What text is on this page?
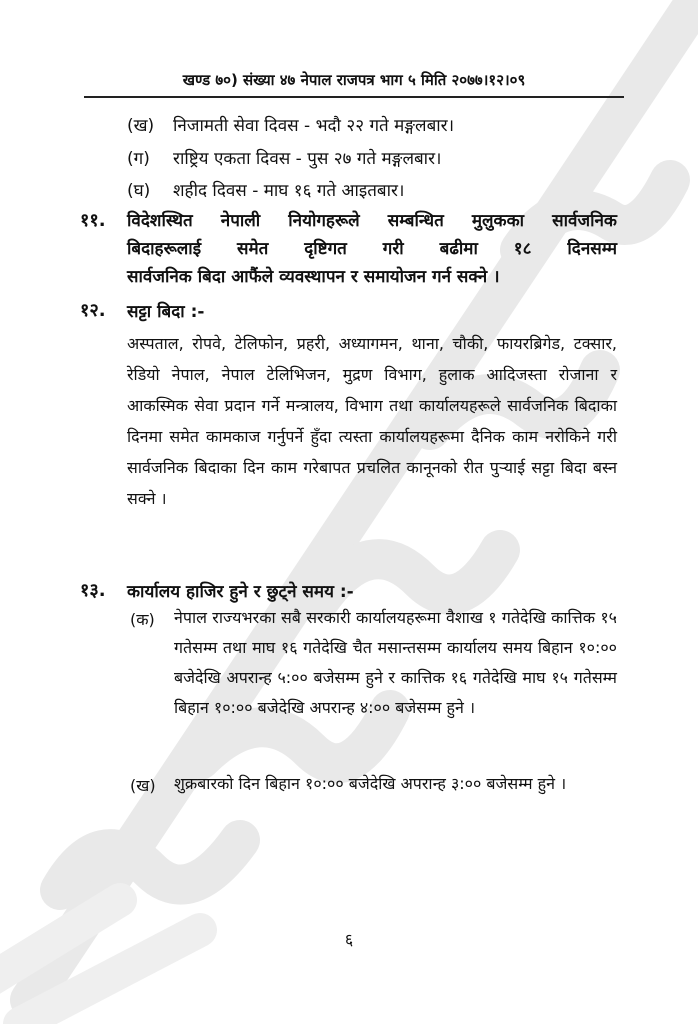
खण्ड ७०) संख्या ४७ नेपाल राजपत्र भाग ५ मिति २०७७।१२।०९
(ख) निजामती सेवा दिवस - भदौ २२ गते मङ्गलबार।
(ग) राष्ट्रिय एकता दिवस - पुस २७ गते मङ्गलबार।
(घ) शहीद दिवस - माघ १६ गते आइतबार।
११. विदेशस्थित नेपाली नियोगहरूले सम्बन्धित मुलुकका सार्वजनिक
बिदाहरूलाई समेत दृष्टिगत गरी बढीमा १८ दिनसम्म
सार्वजनिक बिदा आफैंले व्यवस्थापन र समायोजन गर्न सक्ने ।
१२. सट्टा बिदा :-
अस्पताल, रोपवे, टेलिफोन, प्रहरी, अध्यागमन, थाना, चौकी, फायरब्रिगेड, टक्सार, रेडियो नेपाल, नेपाल टेलिभिजन, मुद्रण विभाग, हुलाक आदिजस्ता रोजाना र आकस्मिक सेवा प्रदान गर्ने मन्त्रालय, विभाग तथा कार्यालयहरूले सार्वजनिक बिदाका दिनमा समेत कामकाज गर्नुपर्ने हुँदा त्यस्ता कार्यालयहरूमा दैनिक काम नरोकिने गरी सार्वजनिक बिदाका दिन काम गरेबापत प्रचलित कानूनको रीत पुर्‍याई सट्टा बिदा बस्न सक्ने ।
१३. कार्यालय हाजिर हुने र छुट्ने समय :-
(क) नेपाल राज्यभरका सबै सरकारी कार्यालयहरूमा वैशाख १ गतेदेखि कात्तिक १५ गतेसम्म तथा माघ १६ गतेदेखि चैत मसान्तसम्म कार्यालय समय बिहान १०:०० बजेदेखि अपरान्ह ५:०० बजेसम्म हुने र कात्तिक १६ गतेदेखि माघ १५ गतेसम्म बिहान १०:०० बजेदेखि अपरान्ह ४:०० बजेसम्म हुने ।
(ख) शुक्रबारको दिन बिहान १०:०० बजेदेखि अपरान्ह ३:०० बजेसम्म हुने ।
६
